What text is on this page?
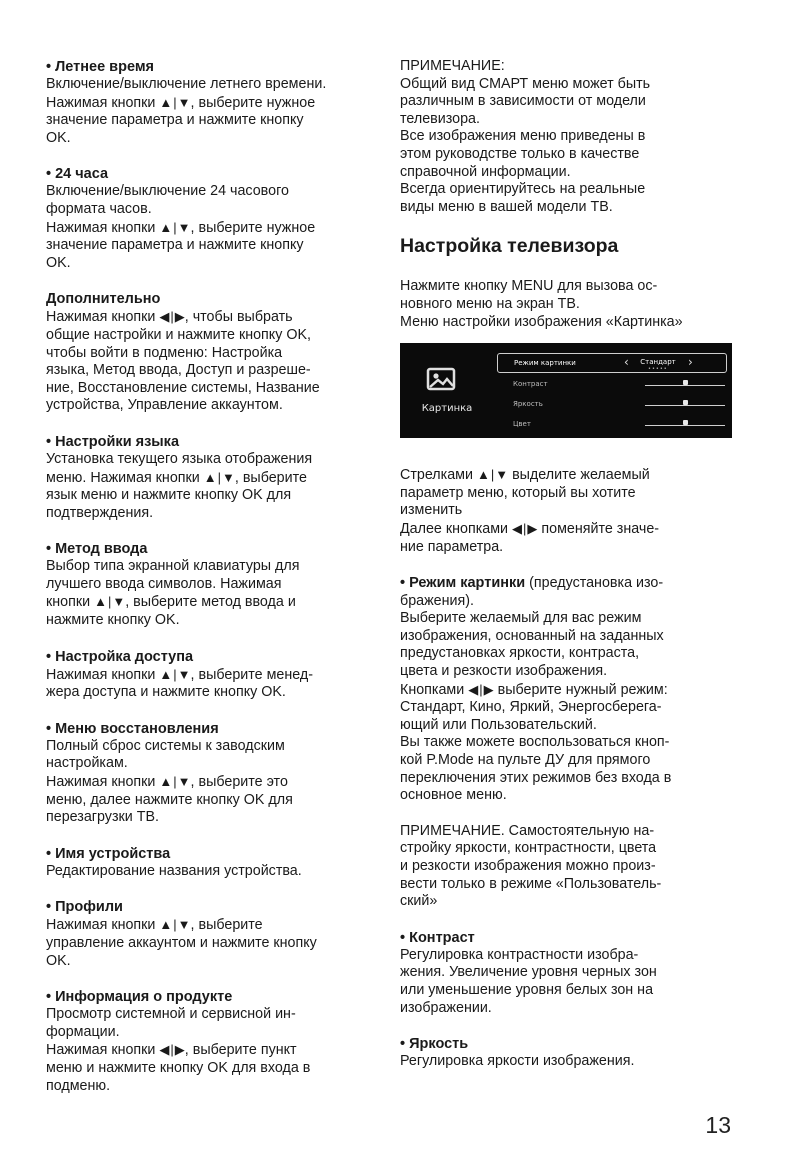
• Летнее время

Включение/выключение летнего времени.

Нажимая кнопки ▲|▼, выберите нужное

значение параметра и нажмите кнопку

OK.

• 24 часа

Включение/выключение 24 часового

формата часов.

Нажимая кнопки ▲|▼, выберите нужное

значение параметра и нажмите кнопку

OK.

Дополнительно

Нажимая кнопки ◀|▶, чтобы выбрать

общие настройки и нажмите кнопку OK,

чтобы войти в подменю: Настройка

языка, Метод ввода, Доступ и разреше-

ние, Восстановление системы, Название

устройства, Управление аккаунтом.

• Настройки языка

Установка текущего языка отображения

меню. Нажимая кнопки ▲|▼, выберите

язык меню и нажмите кнопку OK для

подтверждения.

• Метод ввода

Выбор типа экранной клавиатуры для

лучшего ввода символов. Нажимая

кнопки ▲|▼, выберите метод ввода и

нажмите кнопку OK.

• Настройка доступа

Нажимая кнопки ▲|▼, выберите менед-

жера доступа и нажмите кнопку OK.

• Меню восстановления

Полный сброс системы к заводским

настройкам.

Нажимая кнопки ▲|▼, выберите это

меню, далее нажмите кнопку OK для

перезагрузки ТВ.

• Имя устройства

Редактирование названия устройства.

• Профили

Нажимая кнопки ▲|▼, выберите

управление аккаунтом и нажмите кнопку

OK.

• Информация о продукте

Просмотр системной и сервисной ин-

формации.

Нажимая кнопки ◀|▶, выберите пункт

меню и нажмите кнопку OK для входа в

подменю.

ПРИМЕЧАНИЕ:

Общий вид СМАРТ меню может быть

различным в зависимости от модели

телевизора.

Все изображения меню приведены в

этом руководстве только в качестве

справочной информации.

Всегда ориентируйтесь на реальные

виды меню в вашей модели ТВ.

Настройка телевизора

Нажмите кнопку MENU для вызова ос-

новного меню на экран ТВ.

Меню настройки изображения «Картинка»

Картинка
Режим картинки	‹	Стандарт	›
•••••
Контраст
Яркость
Цвет

Стрелками ▲|▼ выделите желаемый

параметр меню, который вы хотите

изменить

Далее кнопками ◀|▶ поменяйте значе-

ние параметра.

• Режим картинки (предустановка изо-

бражения).

Выберите желаемый для вас режим

изображения, основанный на заданных

предустановках яркости, контраста,

цвета и резкости изображения.

Кнопками ◀|▶ выберите нужный режим:

Стандарт, Кино, Яркий, Энергосберега-

ющий или Пользовательский.

Вы также можете воспользоваться кноп-

кой P.Mode на пульте ДУ для прямого

переключения этих режимов без входа в

основное меню.

ПРИМЕЧАНИЕ. Самостоятельную на-

стройку яркости, контрастности, цвета

и резкости изображения можно произ-

вести только в режиме «Пользователь-

ский»

• Контраст

Регулировка контрастности изобра-

жения. Увеличение уровня черных зон

или уменьшение уровня белых зон на

изображении.

• Яркость

Регулировка яркости изображения.

13
